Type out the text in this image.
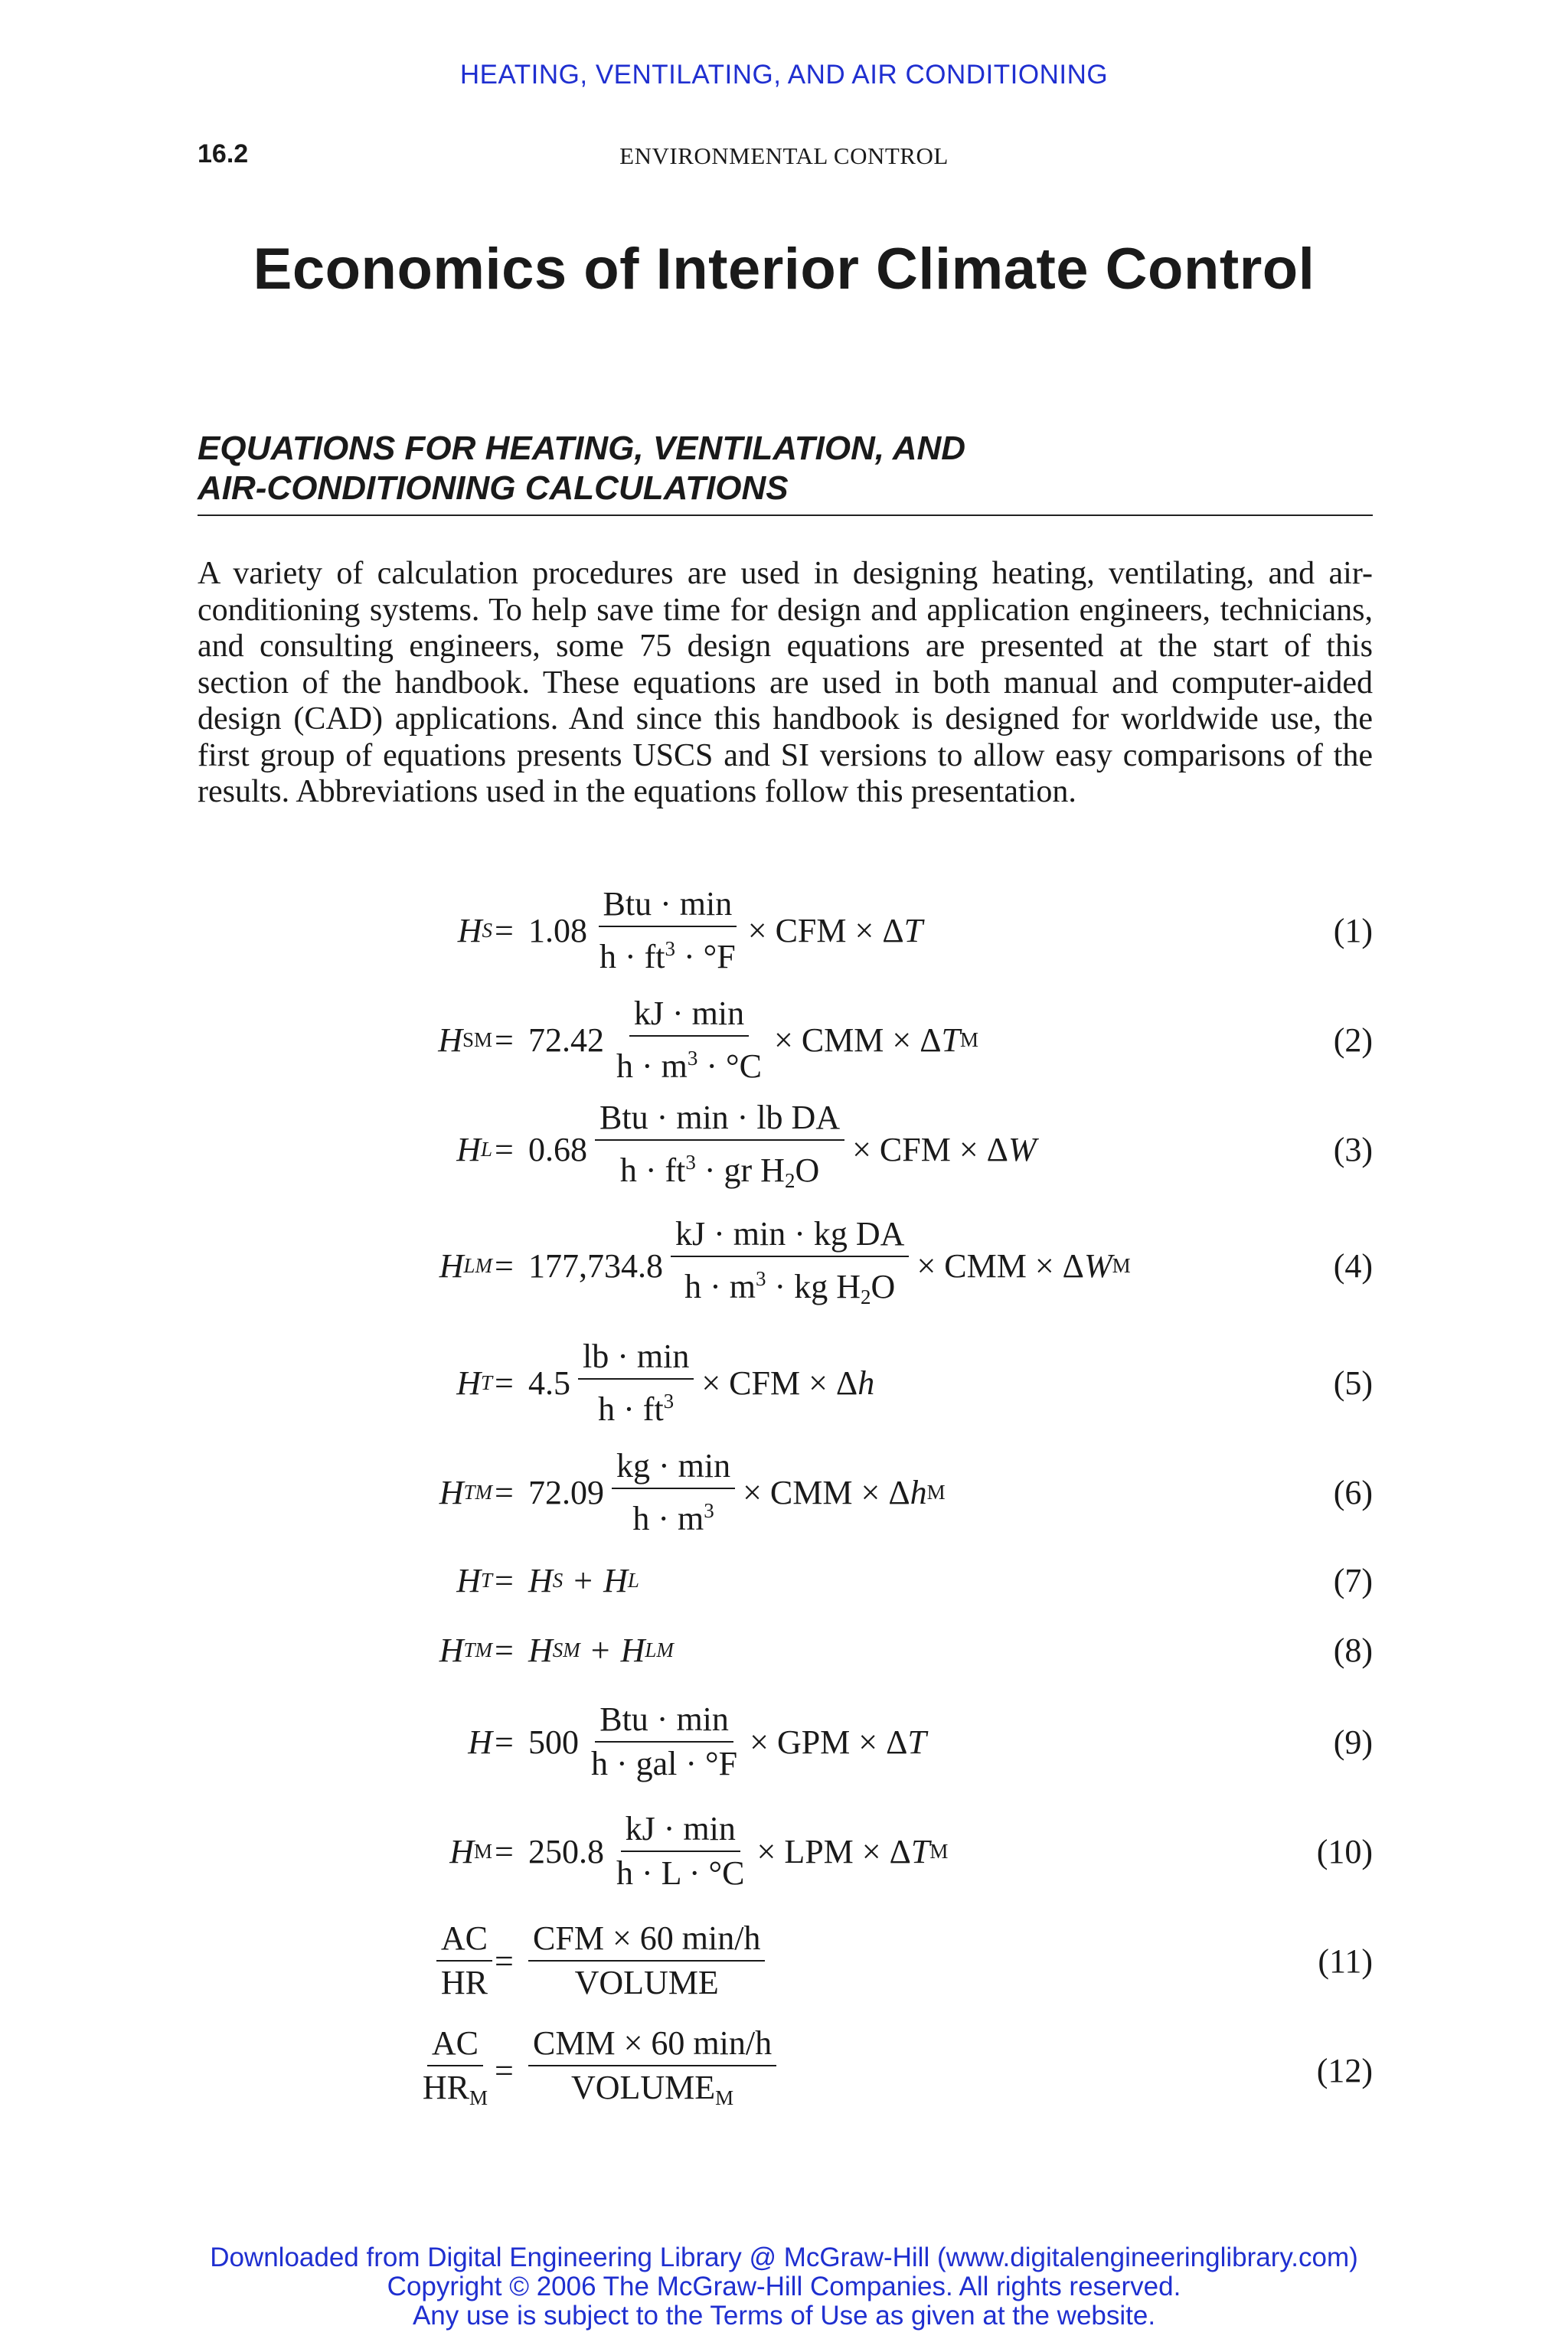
HEATING, VENTILATING, AND AIR CONDITIONING
16.2	ENVIRONMENTAL CONTROL
Economics of Interior Climate Control
EQUATIONS FOR HEATING, VENTILATION, AND
AIR-CONDITIONING CALCULATIONS
A variety of calculation procedures are used in designing heating, ventilating, and air-conditioning systems. To help save time for design and application engineers, technicians, and consulting engineers, some 75 design equations are presented at the start of this section of the handbook. These equations are used in both manual and computer-aided design (CAD) applications. And since this handbook is designed for worldwide use, the first group of equations presents USCS and SI versions to allow easy comparisons of the results. Abbreviations used in the equations follow this presentation.
H $S = 1.08 \frac{\text{Btu · min}}{h \cdot ft^3 \cdot ^\circ F}$ × CFM × Δ T	(1)
H SM = $72.42 \frac{kJ \cdot \min}{h \cdot m^3 \cdot ^\circ C}$ × CMM × Δ T M	(2)
H $L = 0.68 \frac{\text{Btu · min · lb DA}}{h \cdot ft^3 \cdot gr H_2O}$ × CFM × Δ W	(3)
H LM = $177,734.8 \frac{\text{kJ · min · kg DA}}{h \cdot m^3 \cdot kg H_2O}$ × CMM × Δ W M	(4)
H $T = 4.5 \frac{lb \cdot \min}{h \cdot ft^3}$ × CFM × Δ h	(5)
H TM = $72.09 \frac{kg \cdot \min}{h \cdot m^3}$ × CMM × Δ h M	(6)
H T = H S + H L	(7)
H TM = H SM + H LM	(8)
$H = 500 \frac{\text{Btu · min}}{\text{h · gal · °F}}$ × GPM × Δ T	(9)
H $M = 250.8 \frac{kJ \cdot \min}{h \cdot L \cdot ^\circ C}$ × LPM × Δ T M	(10)
$\frac{AC}{HR} = \frac{\text{CFM × 60 min/h}}{\text{VOLUME}}$	(11)
$\frac{AC}{HR_M} = \frac{\text{CMM × 60 min/h}}{VOLUME_M}$	(12)
Downloaded from Digital Engineering Library @ McGraw-Hill (www.digitalengineeringlibrary.com)
Copyright © 2006 The McGraw-Hill Companies. All rights reserved.
Any use is subject to the Terms of Use as given at the website.
